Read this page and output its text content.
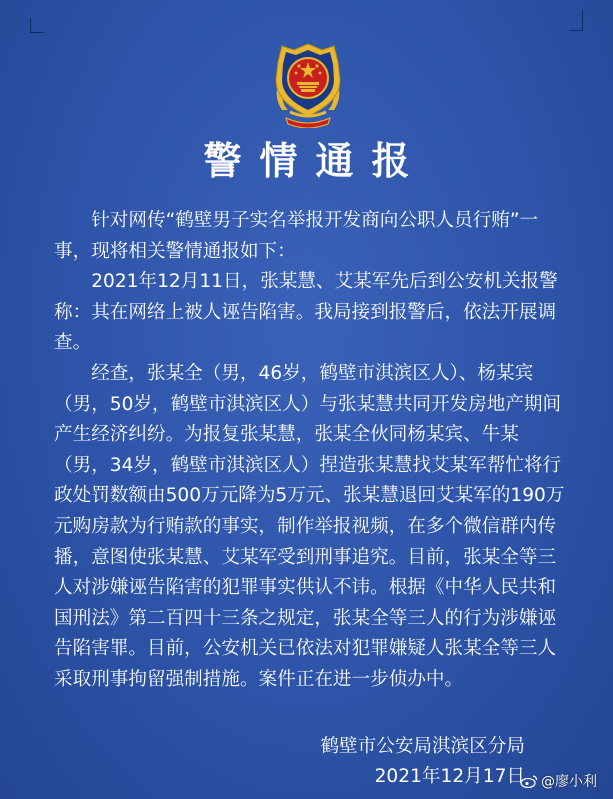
警情通报
　　针对网传“鹤壁男子实名举报开发商向公职人员行贿”一
事，现将相关警情通报如下：
　　2021年12月11日，张某慧、艾某军先后到公安机关报警
称：其在网络上被人诬告陷害。我局接到报警后，依法开展调
查。
　　经查，张某全（男，46岁，鹤壁市淇滨区人）、杨某宾
（男，50岁，鹤壁市淇滨区人）与张某慧共同开发房地产期间
产生经济纠纷。为报复张某慧，张某全伙同杨某宾、牛某
（男，34岁，鹤壁市淇滨区人）捏造张某慧找艾某军帮忙将行
政处罚数额由500万元降为5万元、张某慧退回艾某军的190万
元购房款为行贿款的事实，制作举报视频，在多个微信群内传
播，意图使张某慧、艾某军受到刑事追究。目前，张某全等三
人对涉嫌诬告陷害的犯罪事实供认不讳。根据《中华人民共和
国刑法》第二百四十三条之规定，张某全等三人的行为涉嫌诬
告陷害罪。目前，公安机关已依法对犯罪嫌疑人张某全等三人
采取刑事拘留强制措施。案件正在进一步侦办中。
鹤壁市公安局淇滨区分局
2021年12月17日 @廖小利
